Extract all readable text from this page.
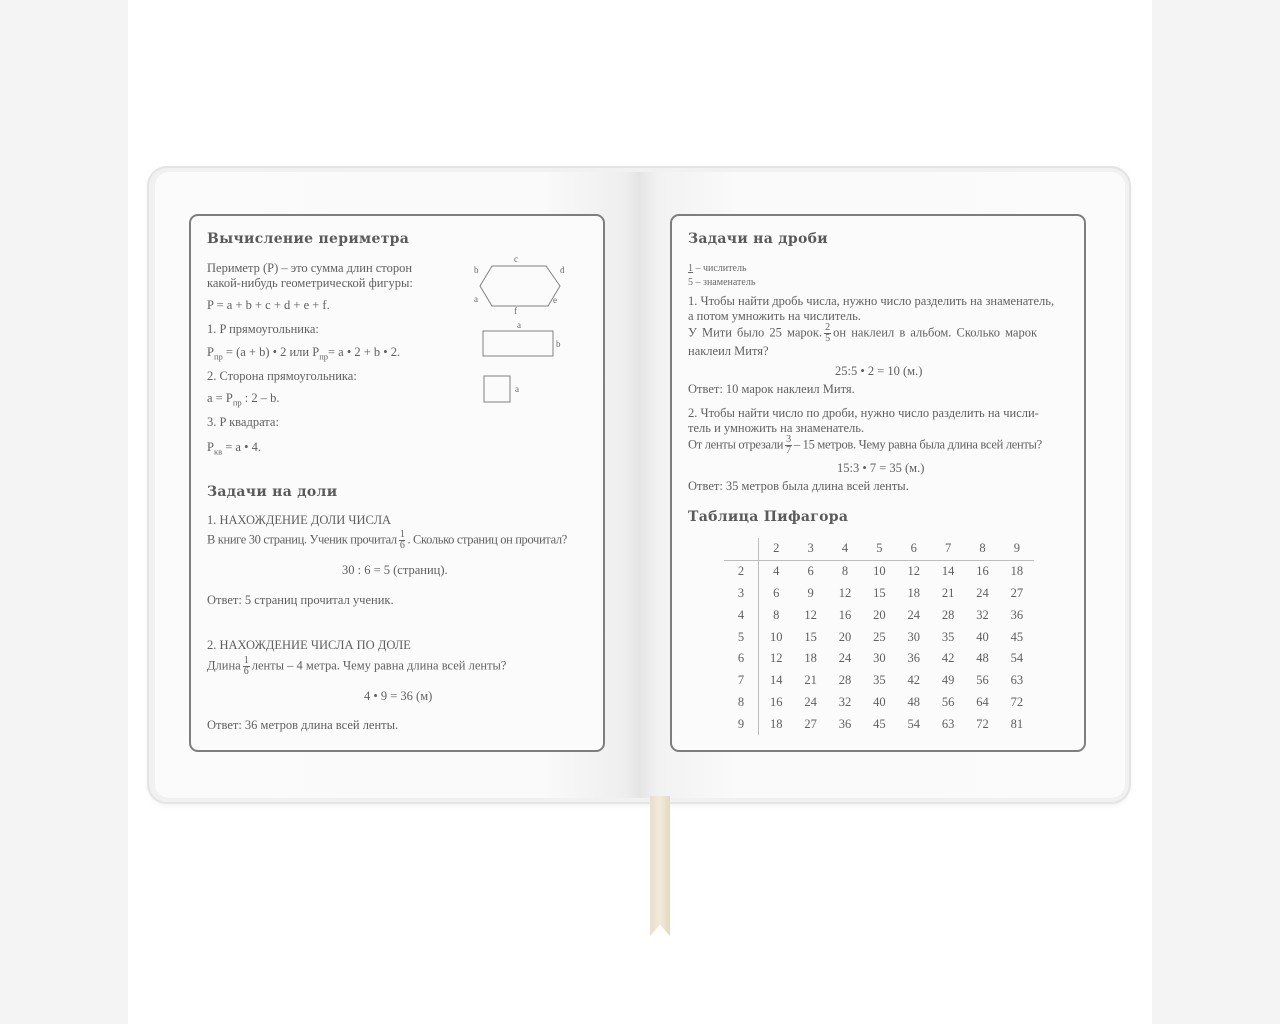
Вычисление периметра
Периметр (P) – это сумма длин сторон
какой-нибудь геометрической фигуры:
P = a + b + c + d + e + f.
1. P прямоугольника:
$P_{пр} = (a + b)$ • 2 или $P_{пр}= a$ • 2 + b • 2.
2. Сторона прямоугольника:
$a = P_{пр}$ : 2 – b.
3. P квадрата:
$P_{кв} = a$ • 4.
c
b	d
a	e
f
a
b
a
Задачи на доли
1. НАХОЖДЕНИЕ ДОЛИ ЧИСЛА
В книге 30 страниц. Ученик прочитал $\frac{1}{6}$ . Сколько страниц он прочитал?
30 : 6 = 5 (страниц).
Ответ: 5 страниц прочитал ученик.
2. НАХОЖДЕНИЕ ЧИСЛА ПО ДОЛЕ
Длина $\frac{1}{6}$ ленты – 4 метра. Чему равна длина всей ленты?
4 • 9 = 36 (м)
Ответ: 36 метров длина всей ленты.
Задачи на дроби
1 – числитель
5 – знаменатель
1. Чтобы найти дробь числа, нужно число разделить на знаменатель,
а потом умножить на числитель.
У Мити было 25 марок. $\frac{2}{5}$ он наклеил в альбом. Сколько марок
наклеил Митя?
25:5 • 2 = 10 (м.)
Ответ: 10 марок наклеил Митя.
2. Чтобы найти число по дроби, нужно число разделить на числи-
тель и умножить на знаменатель.
От ленты отрезали $\frac{3}{7} - 15$ метров. Чему равна была длина всей ленты?
15:3 • 7 = 35 (м.)
Ответ: 35 метров была длина всей ленты.
Таблица Пифагора
	2	3	4	5	6	7	8	9
2	4	6	8	10	12	14	16	18
3	6	9	12	15	18	21	24	27
4	8	12	16	20	24	28	32	36
5	10	15	20	25	30	35	40	45
6	12	18	24	30	36	42	48	54
7	14	21	28	35	42	49	56	63
8	16	24	32	40	48	56	64	72
9	18	27	36	45	54	63	72	81
